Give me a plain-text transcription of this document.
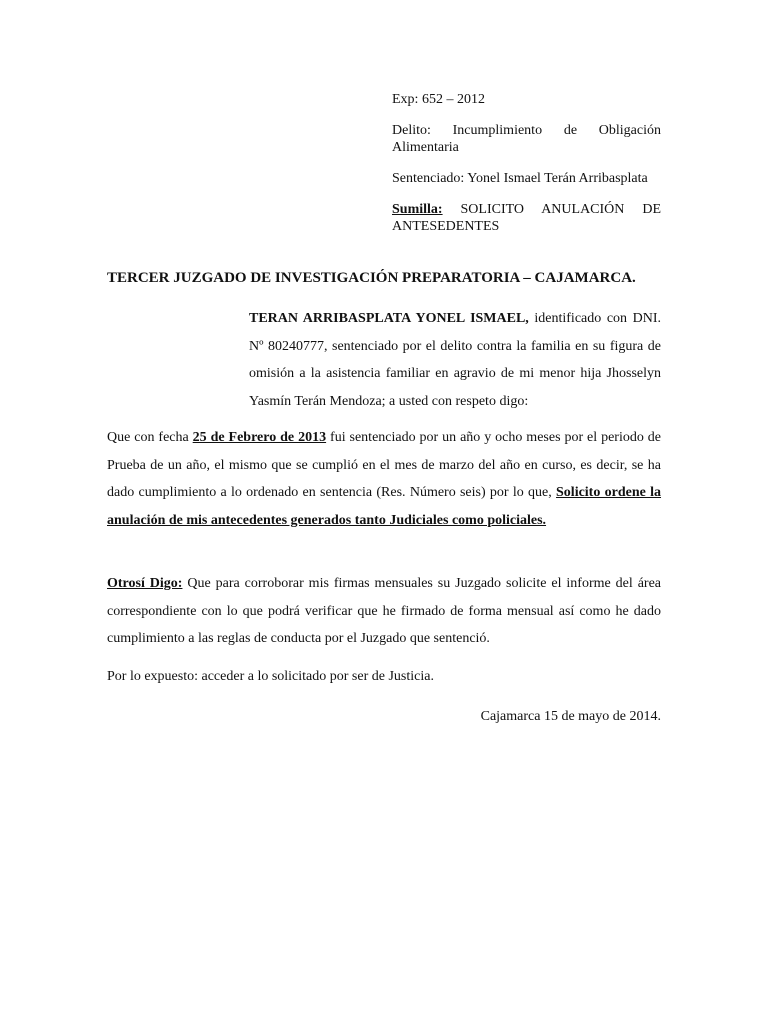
Exp: 652 – 2012

Delito: Incumplimiento de Obligación Alimentaria

Sentenciado: Yonel Ismael Terán Arribasplata

Sumilla: SOLICITO ANULACIÓN DE ANTESEDENTES

TERCER JUZGADO DE INVESTIGACIÓN PREPARATORIA – CAJAMARCA.
TERAN ARRIBASPLATA YONEL ISMAEL, identificado con DNI. Nº 80240777, sentenciado por el delito contra la familia en su figura de omisión a la asistencia familiar en agravio de mi menor hija Jhosselyn Yasmín Terán Mendoza; a usted con respeto digo:

Que con fecha 25 de Febrero de 2013 fui sentenciado por un año y ocho meses por el periodo de Prueba de un año, el mismo que se cumplió en el mes de marzo del año en curso, es decir, se ha dado cumplimiento a lo ordenado en sentencia (Res. Número seis) por lo que, Solicito ordene la anulación de mis antecedentes generados tanto Judiciales como policiales.

Otrosí Digo: Que para corroborar mis firmas mensuales su Juzgado solicite el informe del área correspondiente con lo que podrá verificar que he firmado de forma mensual así como he dado cumplimiento a las reglas de conducta por el Juzgado que sentenció.

Por lo expuesto: acceder a lo solicitado por ser de Justicia.

Cajamarca 15 de mayo de 2014.
